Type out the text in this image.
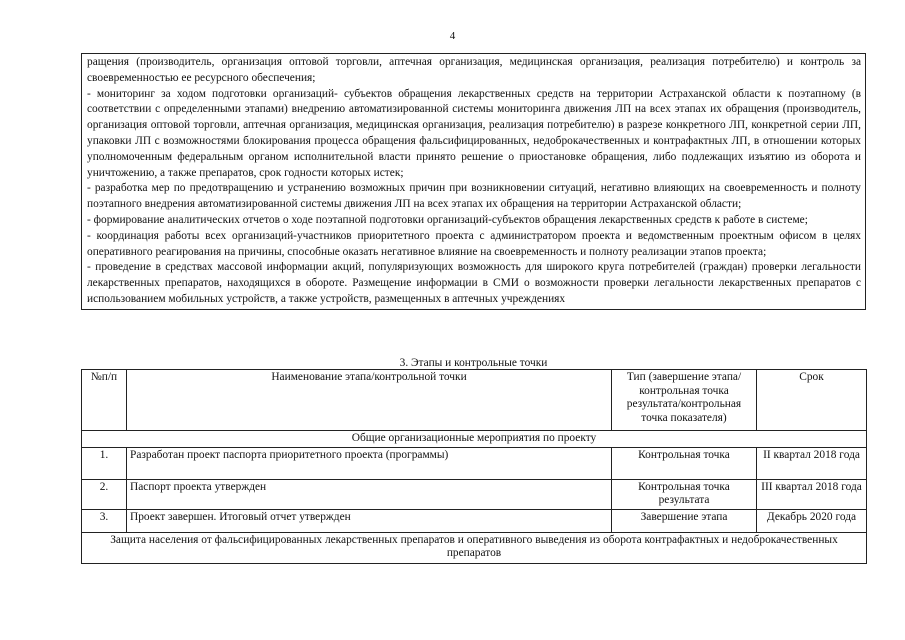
4

ращения (производитель, организация оптовой торговли, аптечная организация, медицинская организация, реализация потребителю) и контроль за своевременностью ее ресурсного обеспечения;

- мониторинг за ходом подготовки организаций- субъектов обращения лекарственных средств на территории Астраханской области к поэтапному (в соответствии с определенными этапами) внедрению автоматизированной системы мониторинга движения ЛП на всех этапах их обращения (производитель, организация оптовой торговли, аптечная организация, медицинская организация, реализация потребителю) в разрезе конкретного ЛП, конкретной серии ЛП, упаковки ЛП с возможностями блокирования процесса обращения фальсифицированных, недоброкачественных и контрафактных ЛП, в отношении которых уполномоченным федеральным органом исполнительной власти принято решение о приостановке обращения, либо подлежащих изъятию из оборота и уничтожению, а также препаратов, срок годности которых истек;

- разработка мер по предотвращению и устранению возможных причин при возникновении ситуаций, негативно влияющих на своевременность и полноту поэтапного внедрения автоматизированной системы движения ЛП на всех этапах их обращения на территории Астраханской области;

- формирование аналитических отчетов о ходе поэтапной подготовки организаций-субъектов обращения лекарственных средств к работе в системе;

- координация работы всех организаций-участников приоритетного проекта с администратором проекта и ведомственным проектным офисом в целях оперативного реагирования на причины, способные оказать негативное влияние на своевременность и полноту реализации этапов проекта;

- проведение в средствах массовой информации акций, популяризующих возможность для широкого круга потребителей (граждан) проверки легальности лекарственных препаратов, находящихся в обороте. Размещение информации в СМИ о возможности проверки легальности лекарственных препаратов с использованием мобильных устройств, а также устройств, размещенных в аптечных учреждениях

3. Этапы и контрольные точки
№п/п	Наименование этапа/контрольной точки	Тип (завершение этапа/контрольная точка результата/контрольная точка показателя)	Срок
Общие организационные мероприятия по проекту			
1.	Разработан проект паспорта приоритетного проекта (программы)	Контрольная точка	II квартал 2018 года
2.	Паспорт проекта утвержден	Контрольная точка результата	III квартал 2018 года
3.	Проект завершен. Итоговый отчет утвержден	Завершение этапа	Декабрь 2020 года
Защита населения от фальсифицированных лекарственных препаратов и оперативного выведения из оборота контрафактных и недоброкачественных препаратов			
